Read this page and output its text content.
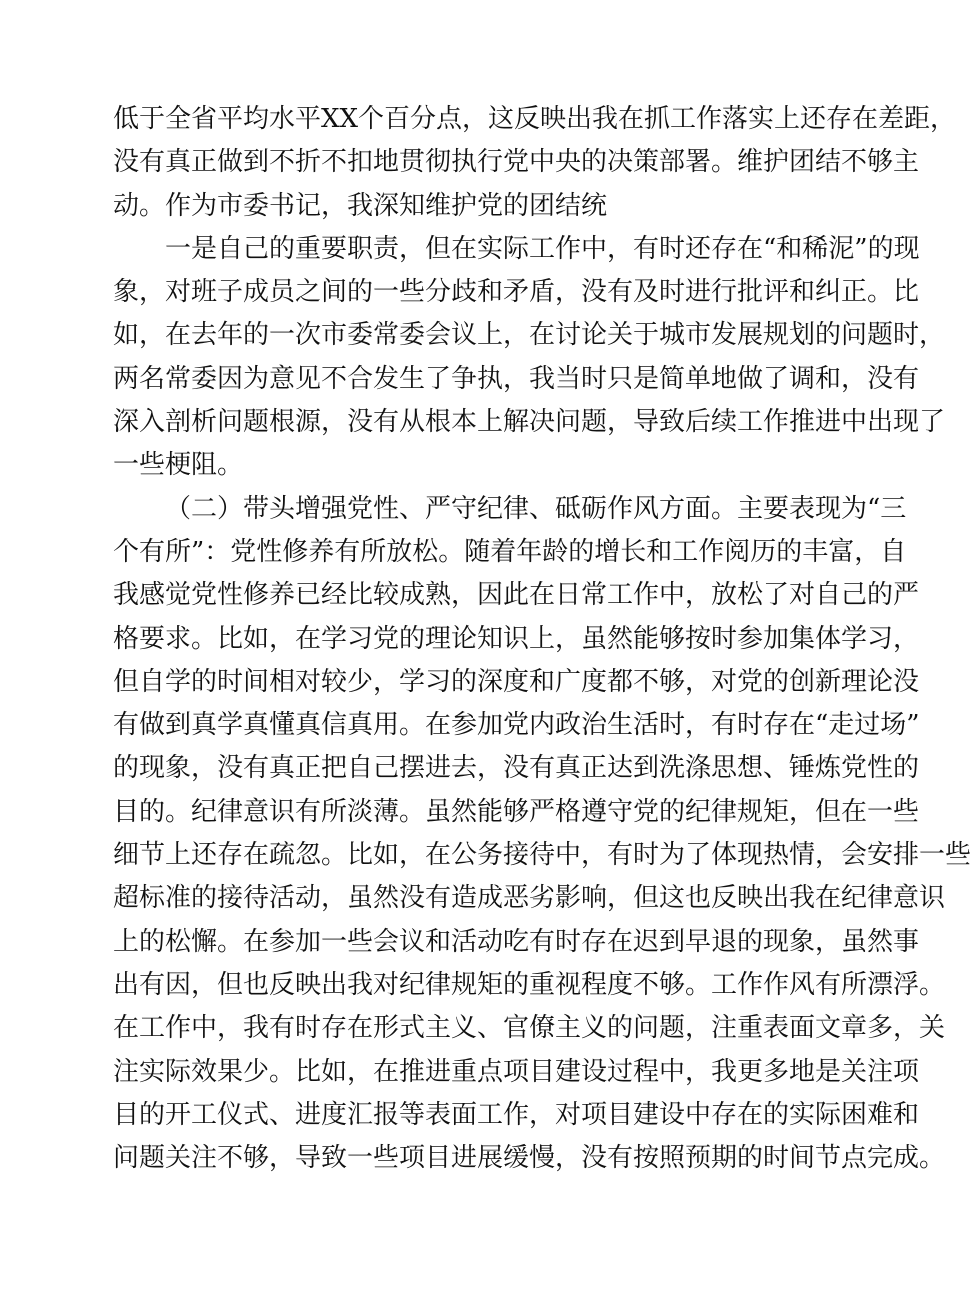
低于全省平均水平XX个百分点，这反映出我在抓工作落实上还存在差距，
没有真正做到不折不扣地贯彻执行党中央的决策部署。维护团结不够主
动。作为市委书记，我深知维护党的团结统
一是自己的重要职责，但在实际工作中，有时还存在“和稀泥”的现
象，对班子成员之间的一些分歧和矛盾，没有及时进行批评和纠正。比
如，在去年的一次市委常委会议上，在讨论关于城市发展规划的问题时，
两名常委因为意见不合发生了争执，我当时只是简单地做了调和，没有
深入剖析问题根源，没有从根本上解决问题，导致后续工作推进中出现了
一些梗阻。
（二）带头增强党性、严守纪律、砥砺作风方面。主要表现为“三
个有所”：党性修养有所放松。随着年龄的增长和工作阅历的丰富，自
我感觉党性修养已经比较成熟，因此在日常工作中，放松了对自己的严
格要求。比如，在学习党的理论知识上，虽然能够按时参加集体学习，
但自学的时间相对较少，学习的深度和广度都不够，对党的创新理论没
有做到真学真懂真信真用。在参加党内政治生活时，有时存在“走过场”
的现象，没有真正把自己摆进去，没有真正达到洗涤思想、锤炼党性的
目的。纪律意识有所淡薄。虽然能够严格遵守党的纪律规矩，但在一些
细节上还存在疏忽。比如，在公务接待中，有时为了体现热情，会安排一些
超标准的接待活动，虽然没有造成恶劣影响，但这也反映出我在纪律意识
上的松懈。在参加一些会议和活动吃有时存在迟到早退的现象，虽然事
出有因，但也反映出我对纪律规矩的重视程度不够。工作作风有所漂浮。
在工作中，我有时存在形式主义、官僚主义的问题，注重表面文章多，关
注实际效果少。比如，在推进重点项目建设过程中，我更多地是关注项
目的开工仪式、进度汇报等表面工作，对项目建设中存在的实际困难和
问题关注不够，导致一些项目进展缓慢，没有按照预期的时间节点完成。
